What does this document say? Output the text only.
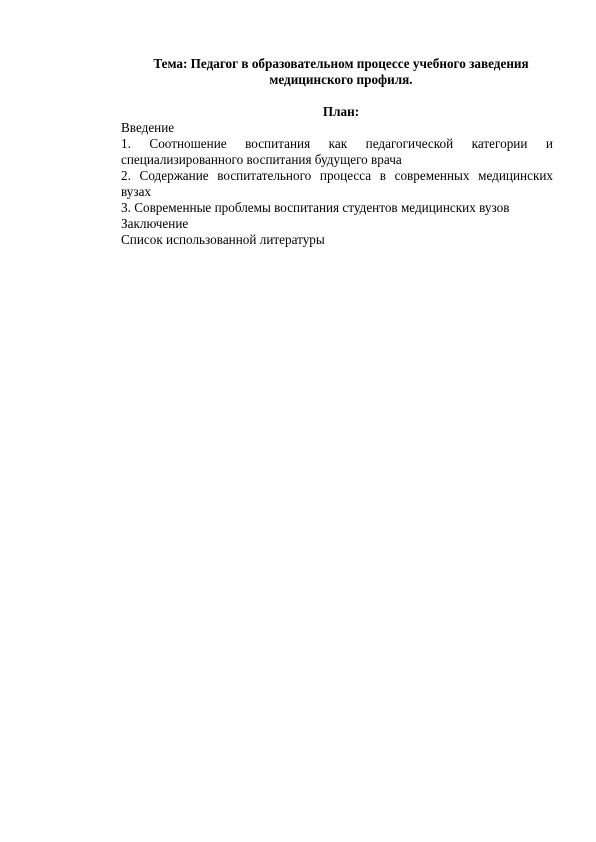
Тема: Педагог в образовательном процессе учебного заведения медицинского профиля.

План:

Введение
1. Соотношение воспитания как педагогической категории и специализированного воспитания будущего врача
2. Содержание воспитательного процесса в современных медицинских вузах
3. Современные проблемы воспитания студентов медицинских вузов
Заключение
Список использованной литературы
